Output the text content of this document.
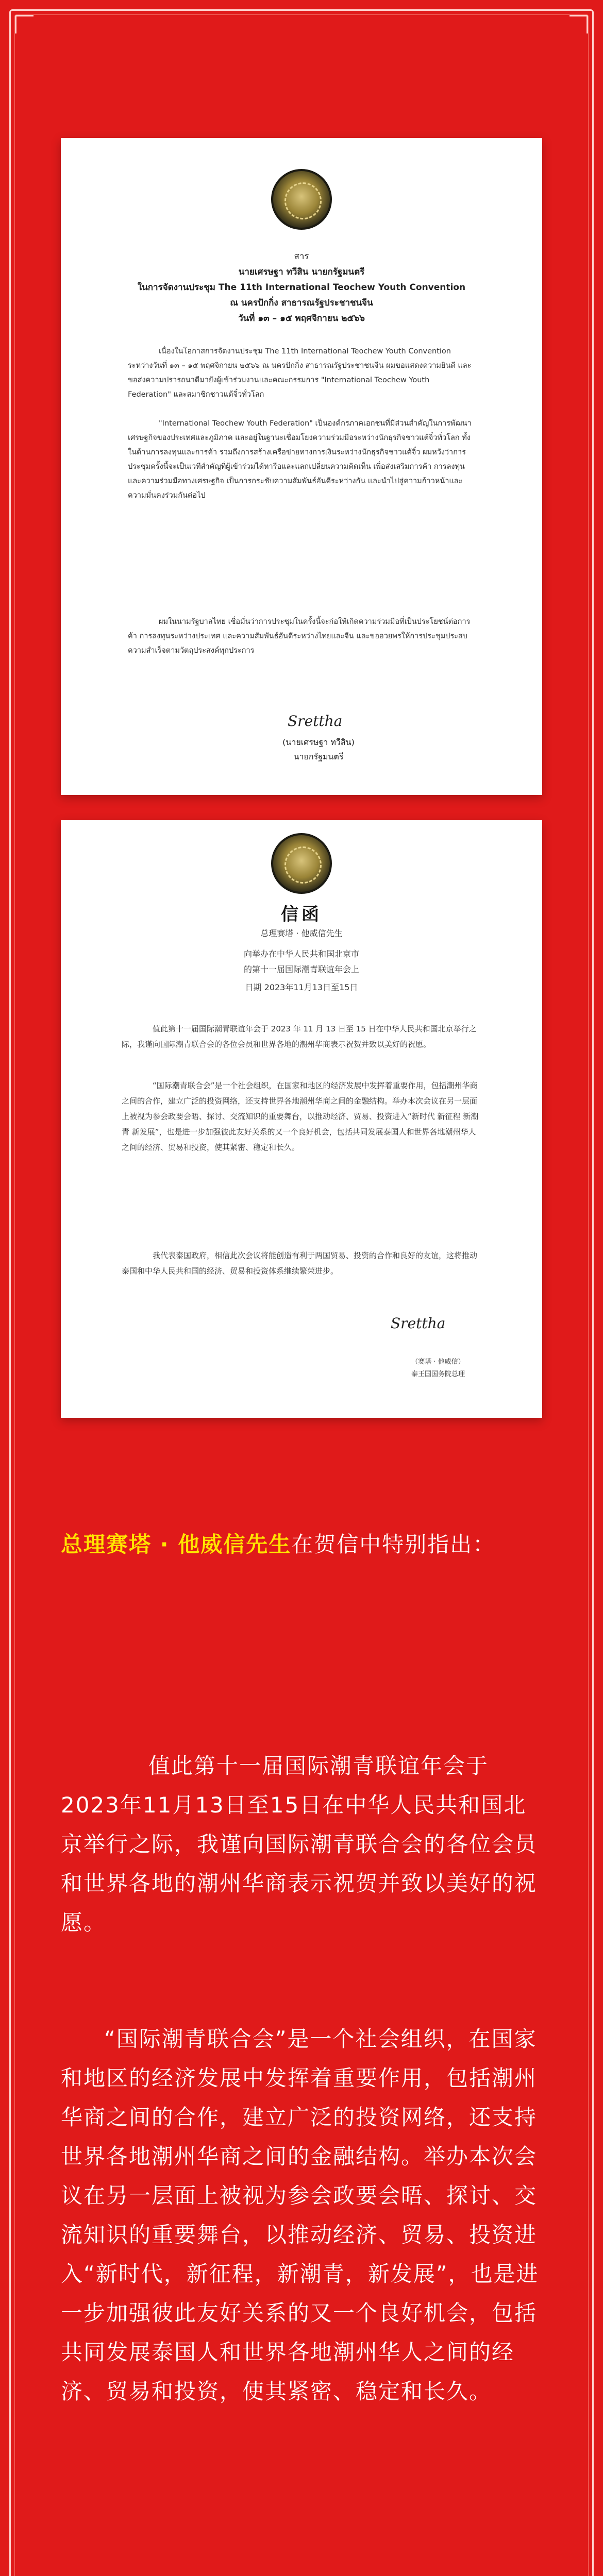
สาร
นายเศรษฐา ทวีสิน นายกรัฐมนตรี
ในการจัดงานประชุม The 11th International Teochew Youth Convention
ณ นครปักกิ่ง สาธารณรัฐประชาชนจีน
วันที่ ๑๓ – ๑๕ พฤศจิกายน ๒๕๖๖
เนื่องในโอกาสการจัดงานประชุม The 11th International Teochew Youth Convention ระหว่างวันที่ ๑๓ – ๑๕ พฤศจิกายน ๒๕๖๖ ณ นครปักกิ่ง สาธารณรัฐประชาชนจีน ผมขอแสดงความยินดี และขอส่งความปรารถนาดีมายังผู้เข้าร่วมงานและคณะกรรมการ "International Teochew Youth Federation" และสมาชิกชาวแต้จิ๋วทั่วโลก
"International Teochew Youth Federation" เป็นองค์กรภาคเอกชนที่มีส่วนสำคัญในการพัฒนาเศรษฐกิจของประเทศและภูมิภาค และอยู่ในฐานะเชื่อมโยงความร่วมมือระหว่างนักธุรกิจชาวแต้จิ๋วทั่วโลก ทั้งในด้านการลงทุนและการค้า รวมถึงการสร้างเครือข่ายทางการเงินระหว่างนักธุรกิจชาวแต้จิ๋ว ผมหวังว่าการประชุมครั้งนี้จะเป็นเวทีสำคัญที่ผู้เข้าร่วมได้หารือและแลกเปลี่ยนความคิดเห็น เพื่อส่งเสริมการค้า การลงทุน และความร่วมมือทางเศรษฐกิจ เป็นการกระชับความสัมพันธ์อันดีระหว่างกัน และนำไปสู่ความก้าวหน้าและความมั่นคงร่วมกันต่อไป
ผมในนามรัฐบาลไทย เชื่อมั่นว่าการประชุมในครั้งนี้จะก่อให้เกิดความร่วมมือที่เป็นประโยชน์ต่อการค้า การลงทุนระหว่างประเทศ และความสัมพันธ์อันดีระหว่างไทยและจีน และขออวยพรให้การประชุมประสบความสำเร็จตามวัตถุประสงค์ทุกประการ
Srettha
(นายเศรษฐา ทวีสิน)
นายกรัฐมนตรี
信函
总理赛塔 · 他威信先生
向举办在中华人民共和国北京市
的第十一届国际潮青联谊年会上
日期 2023年11月13日至15日
值此第十一届国际潮青联谊年会于 2023 年 11 月 13 日至 15 日在中华人民共和国北京举行之际，我谨向国际潮青联合会的各位会员和世界各地的潮州华商表示祝贺并致以美好的祝愿。
“国际潮青联合会”是一个社会组织，在国家和地区的经济发展中发挥着重要作用，包括潮州华商之间的合作，建立广泛的投资网络，还支持世界各地潮州华商之间的金融结构。举办本次会议在另一层面上被视为参会政要会晤、探讨、交流知识的重要舞台，以推动经济、贸易、投资进入“新时代 新征程 新潮青 新发展”，也是进一步加强彼此友好关系的又一个良好机会，包括共同发展泰国人和世界各地潮州华人之间的经济、贸易和投资，使其紧密、稳定和长久。
我代表泰国政府，相信此次会议将能创造有利于两国贸易、投资的合作和良好的友谊，这将推动泰国和中华人民共和国的经济、贸易和投资体系继续繁荣进步。
Srettha
（赛塔 · 他威信）
泰王国国务院总理
总理赛塔 · 他威信先生在贺信中特别指出：
值此第十一届国际潮青联谊年会于2023年11月13日至15日在中华人民共和国北京举行之际，我谨向国际潮青联合会的各位会员和世界各地的潮州华商表示祝贺并致以美好的祝愿。
“国际潮青联合会”是一个社会组织，在国家和地区的经济发展中发挥着重要作用，包括潮州华商之间的合作，建立广泛的投资网络，还支持世界各地潮州华商之间的金融结构。举办本次会议在另一层面上被视为参会政要会晤、探讨、交流知识的重要舞台，以推动经济、贸易、投资进入“新时代，新征程，新潮青，新发展”，也是进一步加强彼此友好关系的又一个良好机会，包括共同发展泰国人和世界各地潮州华人之间的经济、贸易和投资，使其紧密、稳定和长久。
